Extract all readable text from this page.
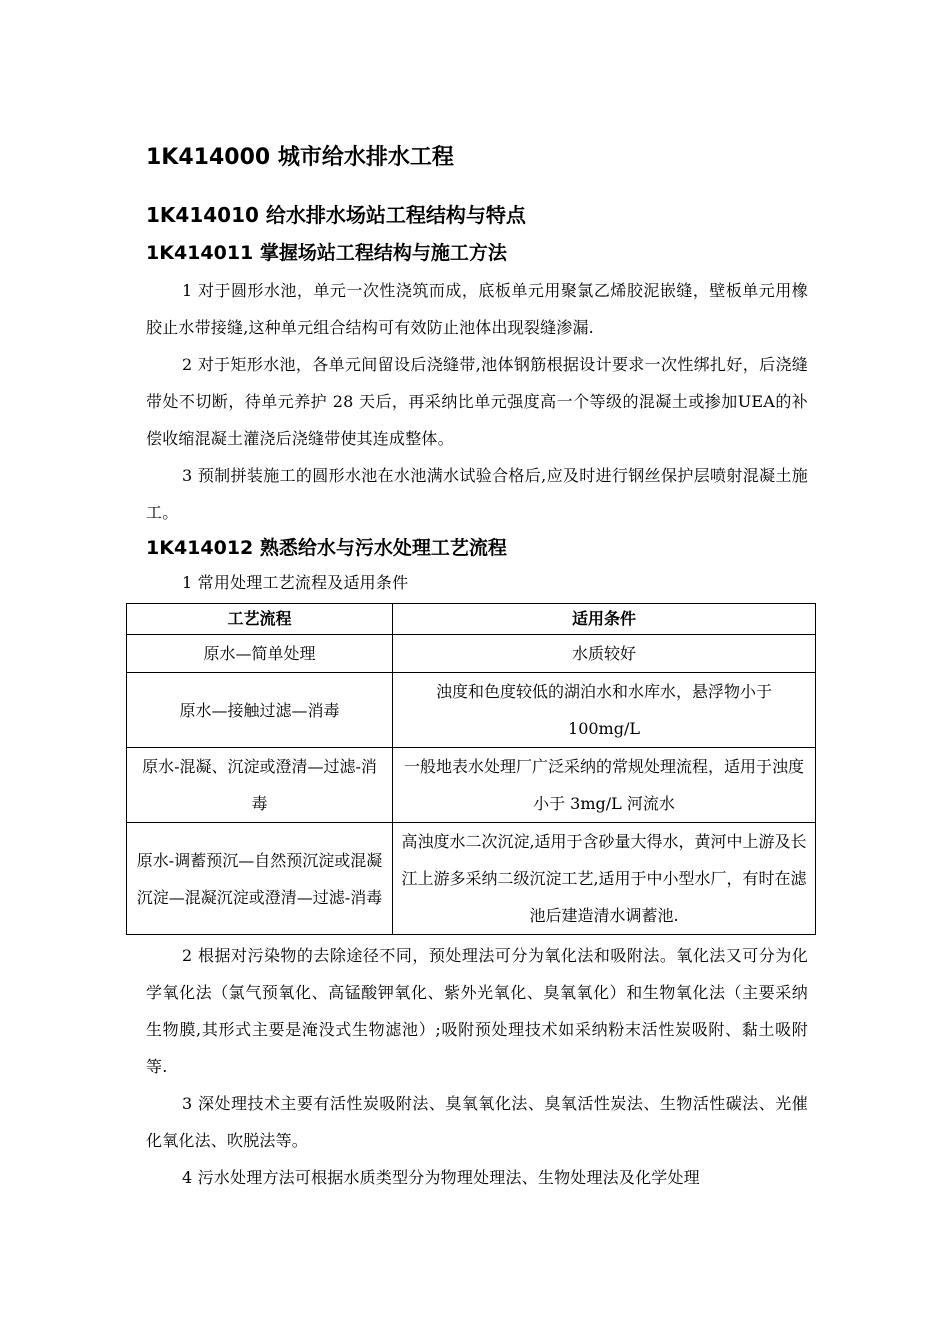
1K414000 城市给水排水工程
1K414010 给水排水场站工程结构与特点
1K414011 掌握场站工程结构与施工方法

1 对于圆形水池，单元一次性浇筑而成，底板单元用聚氯乙烯胶泥嵌缝，壁板单元用橡胶止水带接缝,这种单元组合结构可有效防止池体出现裂缝渗漏.

2 对于矩形水池，各单元间留设后浇缝带,池体钢筋根据设计要求一次性绑扎好，后浇缝带处不切断，待单元养护 28 天后，再采纳比单元强度高一个等级的混凝土或掺加UEA的补偿收缩混凝土灌浇后浇缝带使其连成整体。

3 预制拼装施工的圆形水池在水池满水试验合格后,应及时进行钢丝保护层喷射混凝土施工。

1K414012 熟悉给水与污水处理工艺流程

1 常用处理工艺流程及适用条件

工艺流程	适用条件
原水—简单处理	水质较好
原水—接触过滤—消毒	浊度和色度较低的湖泊水和水库水，悬浮物小于100mg/L
原水-混凝、沉淀或澄清—过滤-消毒	一般地表水处理厂广泛采纳的常规处理流程，适用于浊度小于 3mg/L 河流水
原水-调蓄预沉—自然预沉淀或混凝沉淀—混凝沉淀或澄清—过滤-消毒	高浊度水二次沉淀,适用于含砂量大得水，黄河中上游及长江上游多采纳二级沉淀工艺,适用于中小型水厂，有时在滤池后建造清水调蓄池.

2 根据对污染物的去除途径不同，预处理法可分为氧化法和吸附法。氧化法又可分为化学氧化法（氯气预氧化、高锰酸钾氧化、紫外光氧化、臭氧氧化）和生物氧化法（主要采纳生物膜,其形式主要是淹没式生物滤池）;吸附预处理技术如采纳粉末活性炭吸附、黏土吸附等.

3 深处理技术主要有活性炭吸附法、臭氧氧化法、臭氧活性炭法、生物活性碳法、光催化氧化法、吹脱法等。

4 污水处理方法可根据水质类型分为物理处理法、生物处理法及化学处理
